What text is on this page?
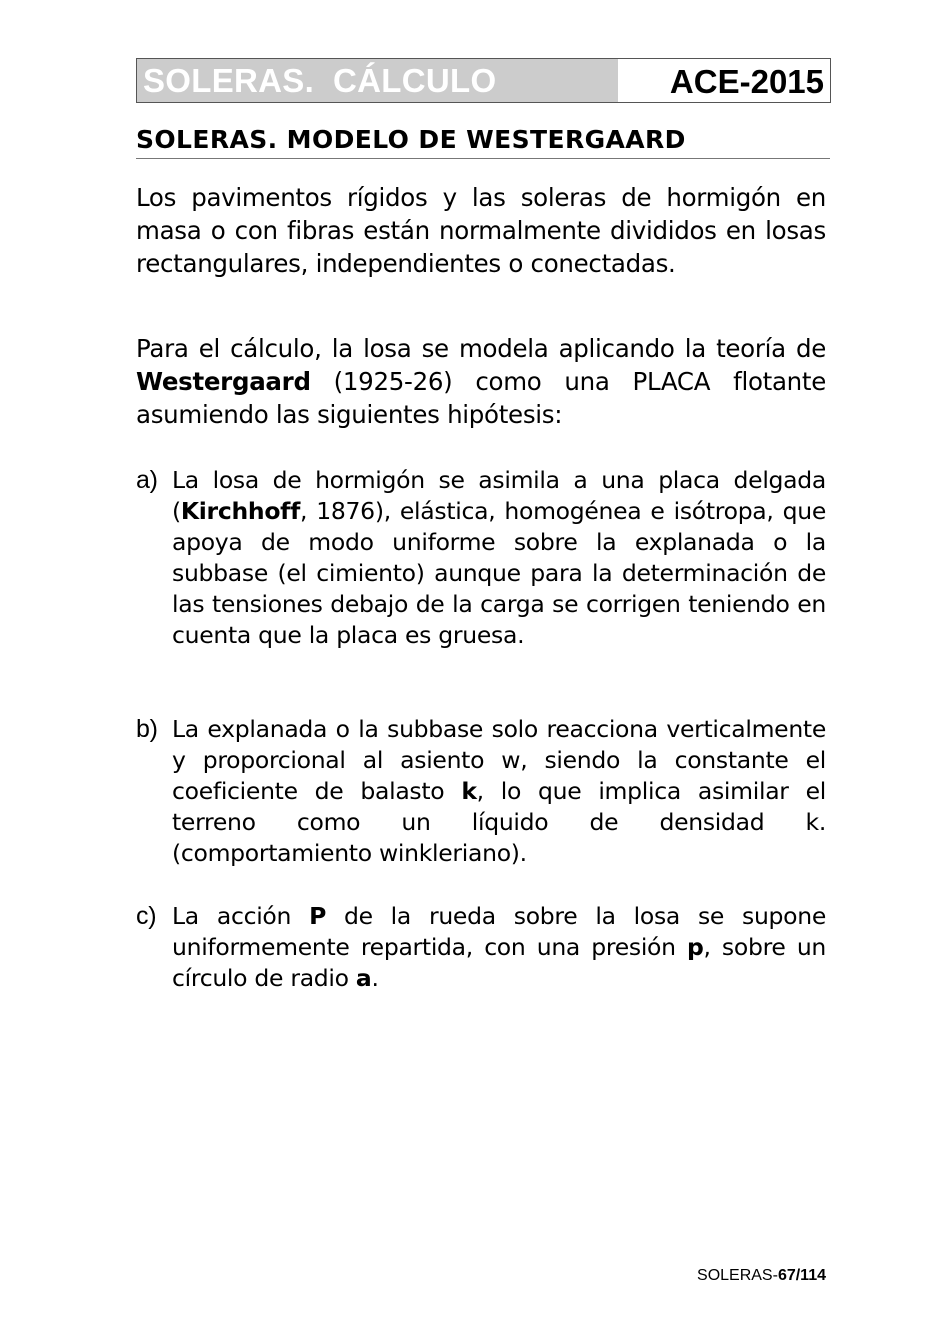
SOLERAS.  CÁLCULO	ACE-2015
SOLERAS. MODELO DE WESTERGAARD
Los pavimentos rígidos y las soleras de hormigón en masa o con fibras están normalmente divididos en losas rectangulares, independientes o conectadas.
Para el cálculo, la losa se modela aplicando la teoría de Westergaard (1925-26) como una PLACA flotante asumiendo las siguientes hipótesis:
a) La losa de hormigón se asimila a una placa delgada (Kirchhoff, 1876), elástica, homogénea e isótropa, que apoya de modo uniforme sobre la explanada o la subbase (el cimiento) aunque para la determinación de las tensiones debajo de la carga se corrigen teniendo en cuenta que la placa es gruesa.
b) La explanada o la subbase solo reacciona verticalmente y proporcional al asiento w, siendo la constante el coeficiente de balasto k, lo que implica asimilar el terreno como un líquido de densidad k. (comportamiento winkleriano).
c) La acción P de la rueda sobre la losa se supone uniformemente repartida, con una presión p, sobre un círculo de radio a.
SOLERAS-67/114
